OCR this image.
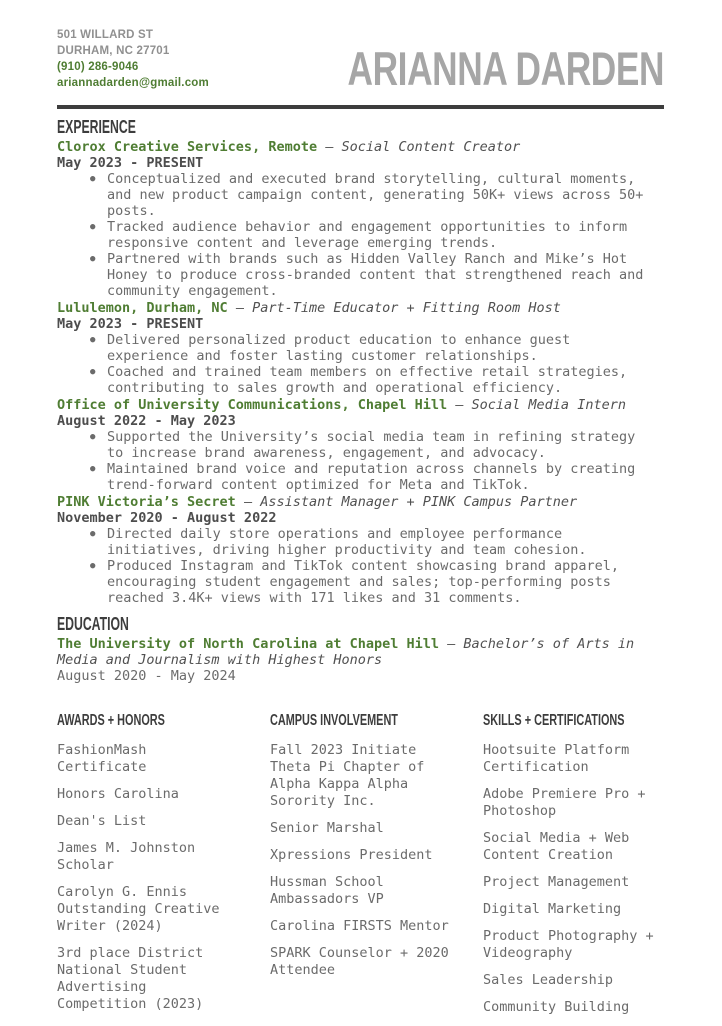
501 WILLARD ST
DURHAM, NC 27701
(910) 286-9046
ariannadarden@gmail.com	ARIANNA DARDEN
EXPERIENCE

Clorox Creative Services, Remote — Social Content Creator

May 2023 - PRESENT

● Conceptualized and executed brand storytelling, cultural moments, and new product campaign content, generating 50K+ views across 50+ posts.
● Tracked audience behavior and engagement opportunities to inform responsive content and leverage emerging trends.
● Partnered with brands such as Hidden Valley Ranch and Mike’s Hot Honey to produce cross-branded content that strengthened reach and community engagement.

Lululemon, Durham, NC — Part-Time Educator + Fitting Room Host

May 2023 - PRESENT

● Delivered personalized product education to enhance guest experience and foster lasting customer relationships.
● Coached and trained team members on effective retail strategies, contributing to sales growth and operational efficiency.

Office of University Communications, Chapel Hill — Social Media Intern

August 2022 - May 2023

● Supported the University’s social media team in refining strategy to increase brand awareness, engagement, and advocacy.
● Maintained brand voice and reputation across channels by creating trend-forward content optimized for Meta and TikTok.

PINK Victoria’s Secret — Assistant Manager + PINK Campus Partner

November 2020 - August 2022

● Directed daily store operations and employee performance initiatives, driving higher productivity and team cohesion.
● Produced Instagram and TikTok content showcasing brand apparel, encouraging student engagement and sales; top-performing posts reached 3.4K+ views with 171 likes and 31 comments.
EDUCATION

The University of North Carolina at Chapel Hill — Bachelor’s of Arts in Media and Journalism with Highest Honors

August 2020 - May 2024

AWARDS + HONORS

FashionMash Certificate

Honors Carolina

Dean's List

James M. Johnston Scholar

Carolyn G. Ennis Outstanding Creative Writer (2024)

3rd place District National Student Advertising Competition (2023)

CAMPUS INVOLVEMENT

Fall 2023 Initiate Theta Pi Chapter of Alpha Kappa Alpha Sorority Inc.

Senior Marshal

Xpressions President

Hussman School Ambassadors VP

Carolina FIRSTS Mentor

SPARK Counselor + 2020 Attendee

SKILLS + CERTIFICATIONS

Hootsuite Platform Certification

Adobe Premiere Pro + Photoshop

Social Media + Web Content Creation

Project Management

Digital Marketing

Product Photography + Videography

Sales Leadership

Community Building
